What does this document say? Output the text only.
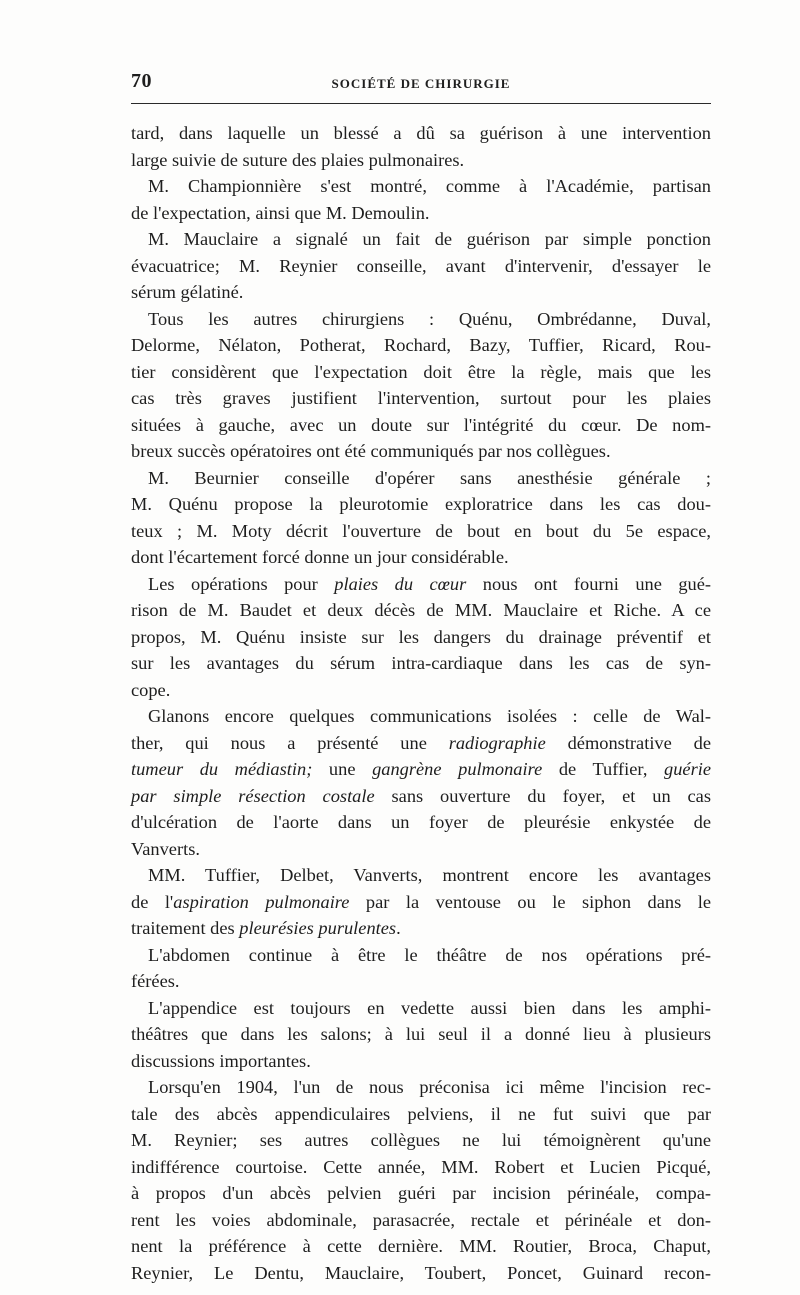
70	SOCIÉTÉ DE CHIRURGIE
tard, dans laquelle un blessé a dû sa guérison à une intervention
large suivie de suture des plaies pulmonaires.
M. Championnière s'est montré, comme à l'Académie, partisan
de l'expectation, ainsi que M. Demoulin.
M. Mauclaire a signalé un fait de guérison par simple ponction
évacuatrice; M. Reynier conseille, avant d'intervenir, d'essayer le
sérum gélatiné.
Tous les autres chirurgiens : Quénu, Ombrédanne, Duval,
Delorme, Nélaton, Potherat, Rochard, Bazy, Tuffier, Ricard, Rou-
tier considèrent que l'expectation doit être la règle, mais que les
cas très graves justifient l'intervention, surtout pour les plaies
situées à gauche, avec un doute sur l'intégrité du cœur. De nom-
breux succès opératoires ont été communiqués par nos collègues.
M. Beurnier conseille d'opérer sans anesthésie générale ;
M. Quénu propose la pleurotomie exploratrice dans les cas dou-
teux ; M. Moty décrit l'ouverture de bout en bout du 5e espace,
dont l'écartement forcé donne un jour considérable.
Les opérations pour plaies du cœur nous ont fourni une gué-
rison de M. Baudet et deux décès de MM. Mauclaire et Riche. A ce
propos, M. Quénu insiste sur les dangers du drainage préventif et
sur les avantages du sérum intra-cardiaque dans les cas de syn-
cope.
Glanons encore quelques communications isolées : celle de Wal-
ther, qui nous a présenté une radiographie démonstrative de
tumeur du médiastin; une gangrène pulmonaire de Tuffier, guérie
par simple résection costale sans ouverture du foyer, et un cas
d'ulcération de l'aorte dans un foyer de pleurésie enkystée de
Vanverts.
MM. Tuffier, Delbet, Vanverts, montrent encore les avantages
de l'aspiration pulmonaire par la ventouse ou le siphon dans le
traitement des pleurésies purulentes.
L'abdomen continue à être le théâtre de nos opérations pré-
férées.
L'appendice est toujours en vedette aussi bien dans les amphi-
théâtres que dans les salons; à lui seul il a donné lieu à plusieurs
discussions importantes.
Lorsqu'en 1904, l'un de nous préconisa ici même l'incision rec-
tale des abcès appendiculaires pelviens, il ne fut suivi que par
M. Reynier; ses autres collègues ne lui témoignèrent qu'une
indifférence courtoise. Cette année, MM. Robert et Lucien Picqué,
à propos d'un abcès pelvien guéri par incision périnéale, compa-
rent les voies abdominale, parasacrée, rectale et périnéale et don-
nent la préférence à cette dernière. MM. Routier, Broca, Chaput,
Reynier, Le Dentu, Mauclaire, Toubert, Poncet, Guinard recon-
